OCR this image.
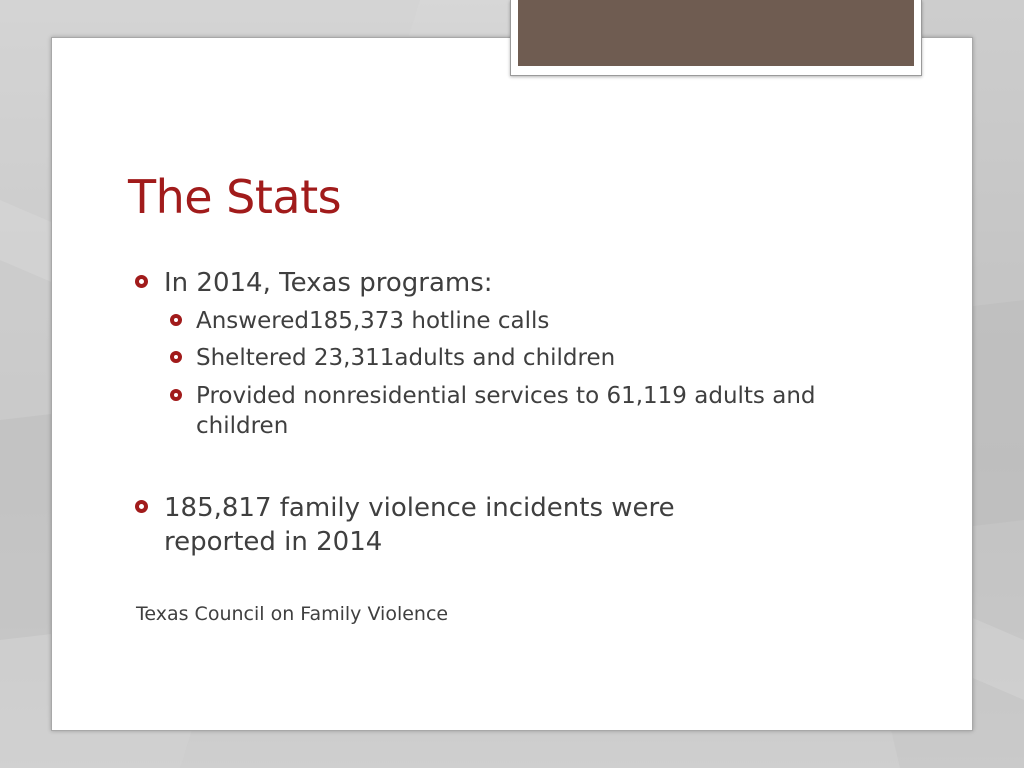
The Stats
In 2014, Texas programs:
Answered185,373 hotline calls
Sheltered 23,311adults and children
Provided nonresidential services to 61,119 adults and children
185,817 family violence incidents were reported in 2014
Texas Council on Family Violence
